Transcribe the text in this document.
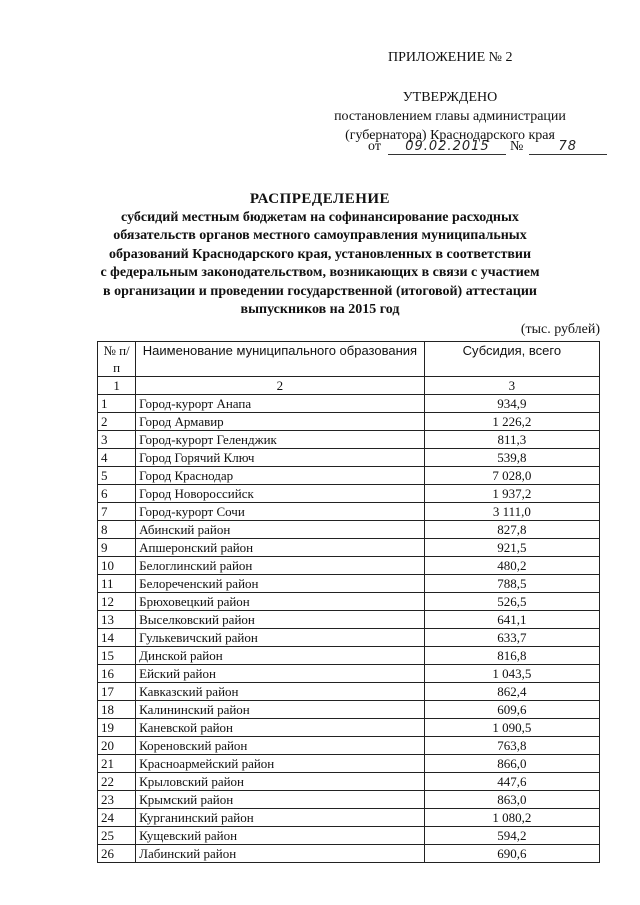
ПРИЛОЖЕНИЕ № 2
УТВЕРЖДЕНО
постановлением главы администрации
(губернатора) Краснодарского края
от 09.02.2015 №	78
РАСПРЕДЕЛЕНИЕ
субсидий местным бюджетам на софинансирование расходных
обязательств органов местного самоуправления муниципальных
образований Краснодарского края, установленных в соответствии
с федеральным законодательством, возникающих в связи с участием
в организации и проведении государственной (итоговой) аттестации
выпускников на 2015 год
(тыс. рублей)
№ п/п	Наименование муниципального образования	Субсидия, всего
1	2	3
1	Город-курорт Анапа	934,9
2	Город Армавир	1 226,2
3	Город-курорт Геленджик	811,3
4	Город Горячий Ключ	539,8
5	Город Краснодар	7 028,0
6	Город Новороссийск	1 937,2
7	Город-курорт Сочи	3 111,0
8	Абинский район	827,8
9	Апшеронский район	921,5
10	Белоглинский район	480,2
11	Белореченский район	788,5
12	Брюховецкий район	526,5
13	Выселковский район	641,1
14	Гулькевичский район	633,7
15	Динской район	816,8
16	Ейский район	1 043,5
17	Кавказский район	862,4
18	Калининский район	609,6
19	Каневской район	1 090,5
20	Кореновский район	763,8
21	Красноармейский район	866,0
22	Крыловский район	447,6
23	Крымский район	863,0
24	Курганинский район	1 080,2
25	Кущевский район	594,2
26	Лабинский район	690,6
